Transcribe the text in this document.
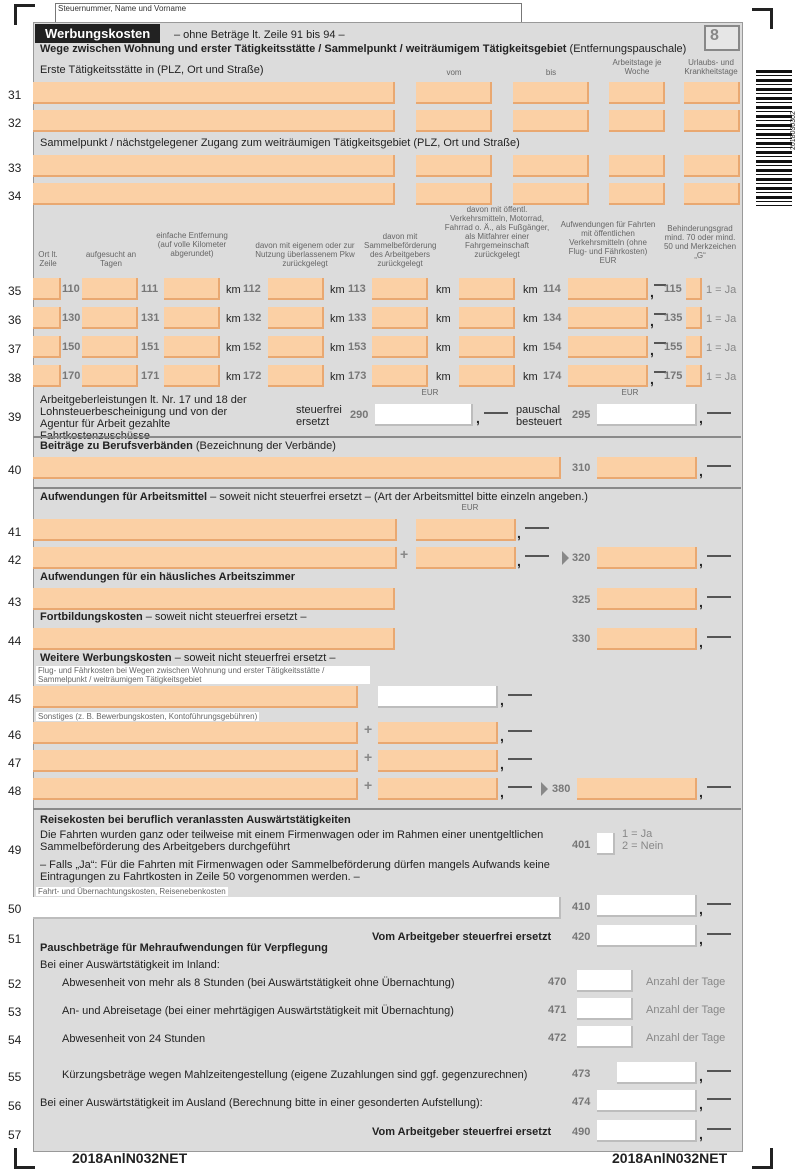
Steuernummer, Name und Vorname
2018030302
Werbungskosten	– ohne Beträge lt. Zeile 91 bis 94 –	8
Wege zwischen Wohnung und erster Tätigkeitsstätte / Sammelpunkt / weiträumigem Tätigkeitsgebiet (Entfernungspauschale)
Erste Tätigkeitsstätte in (PLZ, Ort und Straße)	vom	bis
Arbeitstage je Woche
Urlaubs- und Krankheitstage
31
32
Sammelpunkt / nächstgelegener Zugang zum weiträumigen Tätigkeitsgebiet (PLZ, Ort und Straße)
33
34
Ort lt. Zeile
aufgesucht an Tagen
einfache Entfernung (auf volle Kilometer abgerundet)
davon mit eigenem oder zur Nutzung überlassenem Pkw zurückgelegt
davon mit Sammelbeförderung des Arbeitgebers zurückgelegt
davon mit öffentl. Verkehrsmitteln, Motorrad, Fahrrad o. Ä., als Fußgänger, als Mitfahrer einer Fahrgemeinschaft zurückgelegt
Aufwendungen für Fahrten mit öffentlichen Verkehrsmitteln (ohne Flug- und Fährkosten) EUR
Behinderungsgrad mind. 70 oder mind. 50 und Merkzeichen „G“
35	110	111	km 112	km 113	km	km 114	, 115 1 = Ja
36	130	131	km 132	km 133	km	km 134	, 135 1 = Ja
37	150	151	km 152	km 153	km	km 154	, 155 1 = Ja
38	170	171	km 172	km 173	km	km 174	, 175 1 = Ja
39
Arbeitgeberleistungen lt. Nr. 17 und 18 der Lohnsteuerbescheinigung und von der Agentur für Arbeit gezahlte
EUR
steuerfrei ersetzt
290	,
EUR
pauschal besteuert
295	,
Beiträge zu Berufsverbänden (Bezeichnung der Verbände)
40	310	,
Aufwendungen für Arbeitsmittel – soweit nicht steuerfrei ersetzt – (Art der Arbeitsmittel bitte einzeln angeben.)
EUR
41	,
42	+	,	320	,
Aufwendungen für ein häusliches Arbeitszimmer
43	325	,
Fortbildungskosten – soweit nicht steuerfrei ersetzt –
44	330	,
Weitere Werbungskosten – soweit nicht steuerfrei ersetzt –
Flug- und Fährkosten bei Wegen zwischen Wohnung und erster Tätigkeitsstätte / Sammelpunkt / weiträumigem Tätigkeitsgebiet
45	,
Sonstiges (z. B. Bewerbungskosten, Kontoführungsgebühren)
46	+	,
47	+	,
48	+	,	380	,
Reisekosten bei beruflich veranlassten Auswärtstätigkeiten
49
Die Fahrten wurden ganz oder teilweise mit einem Firmenwagen oder im Rahmen einer unentgeltlichen Sammelbeförderung des Arbeitgebers durchgeführt	401
1 = Ja
2 = Nein
– Falls „Ja“: Für die Fahrten mit Firmenwagen oder Sammelbeförderung dürfen mangels Aufwands keine Eintragungen zu Fahrtkosten in Zeile 50 vorgenommen werden. –
Fahrt- und Übernachtungskosten, Reisenebenkosten
50	410	,
51	Vom Arbeitgeber steuerfrei ersetzt 420	,
Pauschbeträge für Mehraufwendungen für Verpflegung
Bei einer Auswärtstätigkeit im Inland:
52	Abwesenheit von mehr als 8 Stunden (bei Auswärtstätigkeit ohne Übernachtung)	470	Anzahl der Tage
53	An- und Abreisetage (bei einer mehrtägigen Auswärtstätigkeit mit Übernachtung)	471	Anzahl der Tage
54	Abwesenheit von 24 Stunden	472	Anzahl der Tage
55	Kürzungsbeträge wegen Mahlzeitengestellung (eigene Zuzahlungen sind ggf. gegenzurechnen)	473	,
56	Bei einer Auswärtstätigkeit im Ausland (Berechnung bitte in einer gesonderten Aufstellung):	474	,
57	Vom Arbeitgeber steuerfrei ersetzt 490	,
2018AnlN032NET	2018AnlN032NET
